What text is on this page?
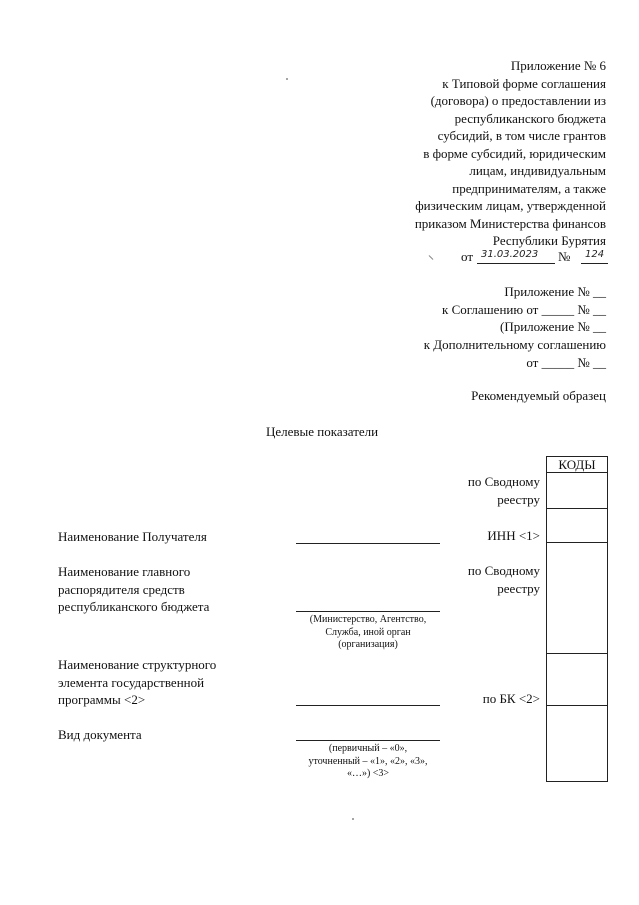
Приложение № 6
к Типовой форме соглашения
(договора) о предоставлении из
республиканского бюджета
субсидий, в том числе грантов
в форме субсидий, юридическим
лицам, индивидуальным
предпринимателям, а также
физическим лицам, утвержденной
приказом Министерства финансов
Республики Бурятия
от 31.03.2023 № 124
Приложение № __
к Соглашению от _____ № __
(Приложение № __
к Дополнительному соглашению
от _____ № __
Рекомендуемый образец
Целевые показатели
КОДЫ
по Сводному
реестру
ИНН <1>
по Сводному
реестру
по БК <2>
Наименование Получателя
Наименование главного
распорядителя средств
республиканского бюджета
(Министерство, Агентство,
Служба, иной орган
(организация)
Наименование структурного
элемента государственной
программы <2>
Вид документа
(первичный – «0»,
уточненный – «1», «2», «3»,
«…») <3>
